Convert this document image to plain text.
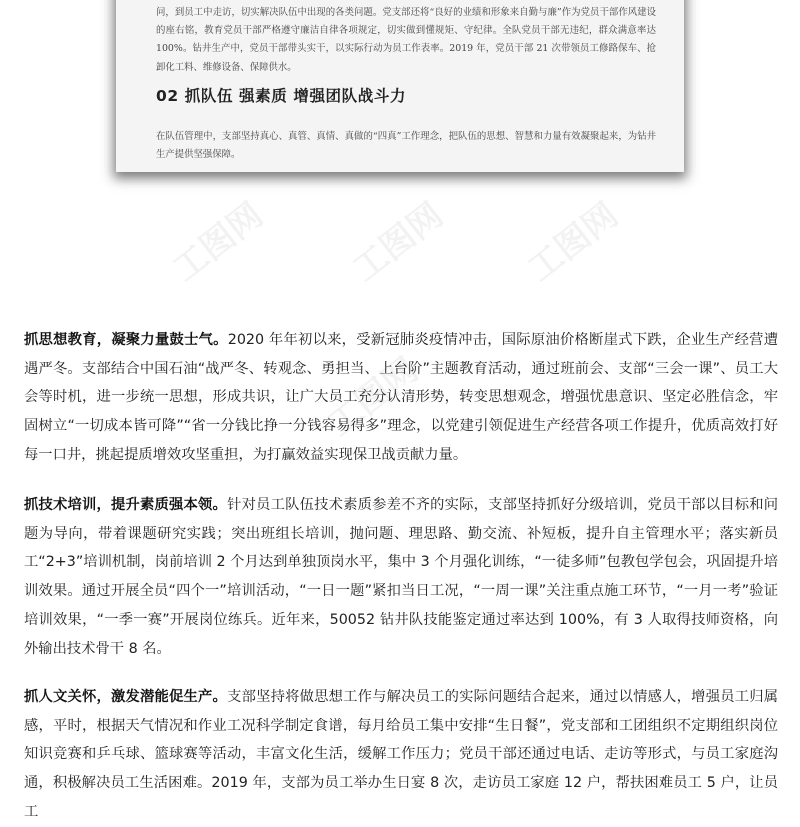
问，到员工中走访，切实解决队伍中出现的各类问题。党支部还将“良好的业绩和形象来自勤与廉”作为党员干部作风建设的座右铭，教育党员干部严格遵守廉洁自律各项规定，切实做到懂规矩、守纪律。全队党员干部无违纪，群众满意率达 100%。钻井生产中，党员干部带头实干，以实际行动为员工作表率。2019 年，党员干部 21 次带领员工修路保车、抢卸化工料、维修设备、保障供水。

02 抓队伍 强素质 增强团队战斗力

在队伍管理中，支部坚持真心、真管、真情、真做的“四真”工作理念，把队伍的思想、智慧和力量有效凝聚起来，为钻井生产提供坚强保障。

工图网 工图网 工图网
工图网

抓思想教育，凝聚力量鼓士气。2020 年年初以来，受新冠肺炎疫情冲击，国际原油价格断崖式下跌，企业生产经营遭遇严冬。支部结合中国石油“战严冬、转观念、勇担当、上台阶”主题教育活动，通过班前会、支部“三会一课”、员工大会等时机，进一步统一思想，形成共识，让广大员工充分认清形势，转变思想观念，增强忧患意识、坚定必胜信念，牢固树立“一切成本皆可降”“省一分钱比挣一分钱容易得多”理念，以党建引领促进生产经营各项工作提升，优质高效打好每一口井，挑起提质增效攻坚重担，为打赢效益实现保卫战贡献力量。

抓技术培训，提升素质强本领。针对员工队伍技术素质参差不齐的实际，支部坚持抓好分级培训，党员干部以目标和问题为导向，带着课题研究实践；突出班组长培训，抛问题、理思路、勤交流、补短板，提升自主管理水平；落实新员工“2+3”培训机制，岗前培训 2 个月达到单独顶岗水平，集中 3 个月强化训练，“一徒多师”包教包学包会，巩固提升培训效果。通过开展全员“四个一”培训活动，“一日一题”紧扣当日工况，“一周一课”关注重点施工环节，“一月一考”验证培训效果，“一季一赛”开展岗位练兵。近年来，50052 钻井队技能鉴定通过率达到 100%，有 3 人取得技师资格，向外输出技术骨干 8 名。

抓人文关怀，激发潜能促生产。支部坚持将做思想工作与解决员工的实际问题结合起来，通过以情感人，增强员工归属感，平时，根据天气情况和作业工况科学制定食谱，每月给员工集中安排“生日餐”，党支部和工团组织不定期组织岗位知识竞赛和乒乓球、篮球赛等活动，丰富文化生活，缓解工作压力；党员干部还通过电话、走访等形式，与员工家庭沟通，积极解决员工生活困难。2019 年，支部为员工举办生日宴 8 次，走访员工家庭 12 户，帮扶困难员工 5 户，让员工
